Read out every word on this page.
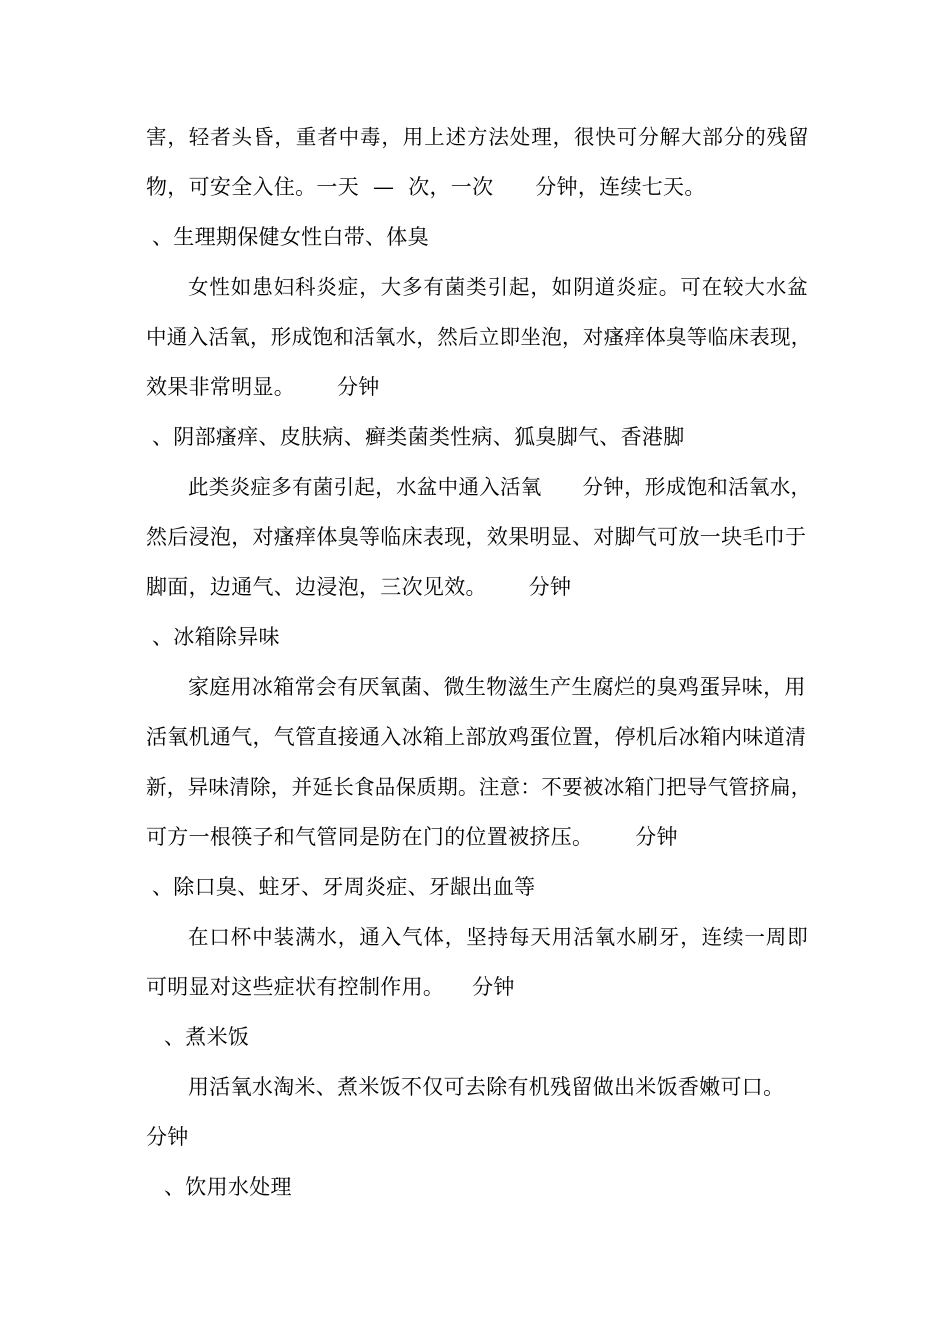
害，轻者头昏，重者中毒，用上述方法处理，很快可分解大部分的残留
物，可安全入住。一天  —  次，一次      分钟，连续七天。
、生理期保健女性白带、体臭
女性如患妇科炎症，大多有菌类引起，如阴道炎症。可在较大水盆
中通入活氧，形成饱和活氧水，然后立即坐泡，对瘙痒体臭等临床表现，
效果非常明显。      分钟
、阴部瘙痒、皮肤病、癣类菌类性病、狐臭脚气、香港脚
此类炎症多有菌引起，水盆中通入活氧      分钟，形成饱和活氧水，
然后浸泡，对瘙痒体臭等临床表现，效果明显、对脚气可放一块毛巾于
脚面，边通气、边浸泡，三次见效。      分钟
、冰箱除异味
家庭用冰箱常会有厌氧菌、微生物滋生产生腐烂的臭鸡蛋异味，用
活氧机通气，气管直接通入冰箱上部放鸡蛋位置，停机后冰箱内味道清
新，异味清除，并延长食品保质期。注意：不要被冰箱门把导气管挤扁，
可方一根筷子和气管同是防在门的位置被挤压。      分钟
、除口臭、蛀牙、牙周炎症、牙龈出血等
在口杯中装满水，通入气体，坚持每天用活氧水刷牙，连续一周即
可明显对这些症状有控制作用。    分钟
、煮米饭
用活氧水淘米、煮米饭不仅可去除有机残留做出米饭香嫩可口。
分钟
、饮用水处理
